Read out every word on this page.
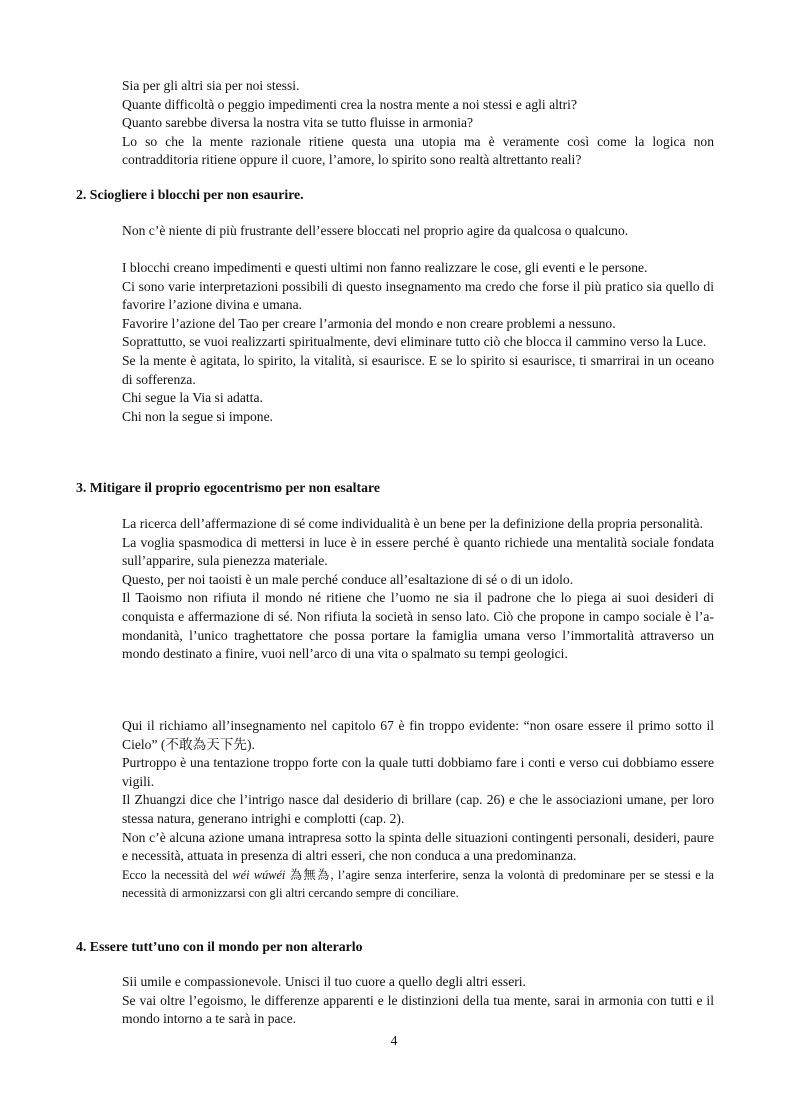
Sia per gli altri sia per noi stessi.

Quante difficoltà o peggio impedimenti crea la nostra mente a noi stessi e agli altri?

Quanto sarebbe diversa la nostra vita se tutto fluisse in armonia?

Lo so che la mente razionale ritiene questa una utopia ma è veramente così come la logica non contradditoria ritiene oppure il cuore, l’amore, lo spirito sono realtà altrettanto reali?

2. Sciogliere i blocchi per non esaurire.

Non c’è niente di più frustrante dell’essere bloccati nel proprio agire da qualcosa o qualcuno.

I blocchi creano impedimenti e questi ultimi non fanno realizzare le cose, gli eventi e le persone.

Ci sono varie interpretazioni possibili di questo insegnamento ma credo che forse il più pratico sia quello di favorire l’azione divina e umana.

Favorire l’azione del Tao per creare l’armonia del mondo e non creare problemi a nessuno.

Soprattutto, se vuoi realizzarti spiritualmente, devi eliminare tutto ciò che blocca il cammino verso la Luce.

Se la mente è agitata, lo spirito, la vitalità, si esaurisce. E se lo spirito si esaurisce, ti smarrirai in un oceano di sofferenza.

Chi segue la Via si adatta.

Chi non la segue si impone.

3. Mitigare il proprio egocentrismo per non esaltare

La ricerca dell’affermazione di sé come individualità è un bene per la definizione della propria personalità.

La voglia spasmodica di mettersi in luce è in essere perché è quanto richiede una mentalità sociale fondata sull’apparire, sula pienezza materiale.

Questo, per noi taoisti è un male perché conduce all’esaltazione di sé o di un idolo.

Il Taoismo non rifiuta il mondo né ritiene che l’uomo ne sia il padrone che lo piega ai suoi desideri di conquista e affermazione di sé. Non rifiuta la società in senso lato. Ciò che propone in campo sociale è l’a-mondanità, l’unico traghettatore che possa portare la famiglia umana verso l’immortalità attraverso un mondo destinato a finire, vuoi nell’arco di una vita o spalmato su tempi geologici.

Qui il richiamo all’insegnamento nel capitolo 67 è fin troppo evidente: “non osare essere il primo sotto il Cielo” (不敢為天下先).

Purtroppo è una tentazione troppo forte con la quale tutti dobbiamo fare i conti e verso cui dobbiamo essere vigili.

Il Zhuangzi dice che l’intrigo nasce dal desiderio di brillare (cap. 26) e che le associazioni umane, per loro stessa natura, generano intrighi e complotti (cap. 2).

Non c’è alcuna azione umana intrapresa sotto la spinta delle situazioni contingenti personali, desideri, paure e necessità, attuata in presenza di altri esseri, che non conduca a una predominanza.

Ecco la necessità del wéi wúwéi 為無為, l’agire senza interferire, senza la volontà di predominare per se stessi e la necessità di armonizzarsi con gli altri cercando sempre di conciliare.

4. Essere tutt’uno con il mondo per non alterarlo

Sii umile e compassionevole. Unisci il tuo cuore a quello degli altri esseri.

Se vai oltre l’egoismo, le differenze apparenti e le distinzioni della tua mente, sarai in armonia con tutti e il mondo intorno a te sarà in pace.

4
